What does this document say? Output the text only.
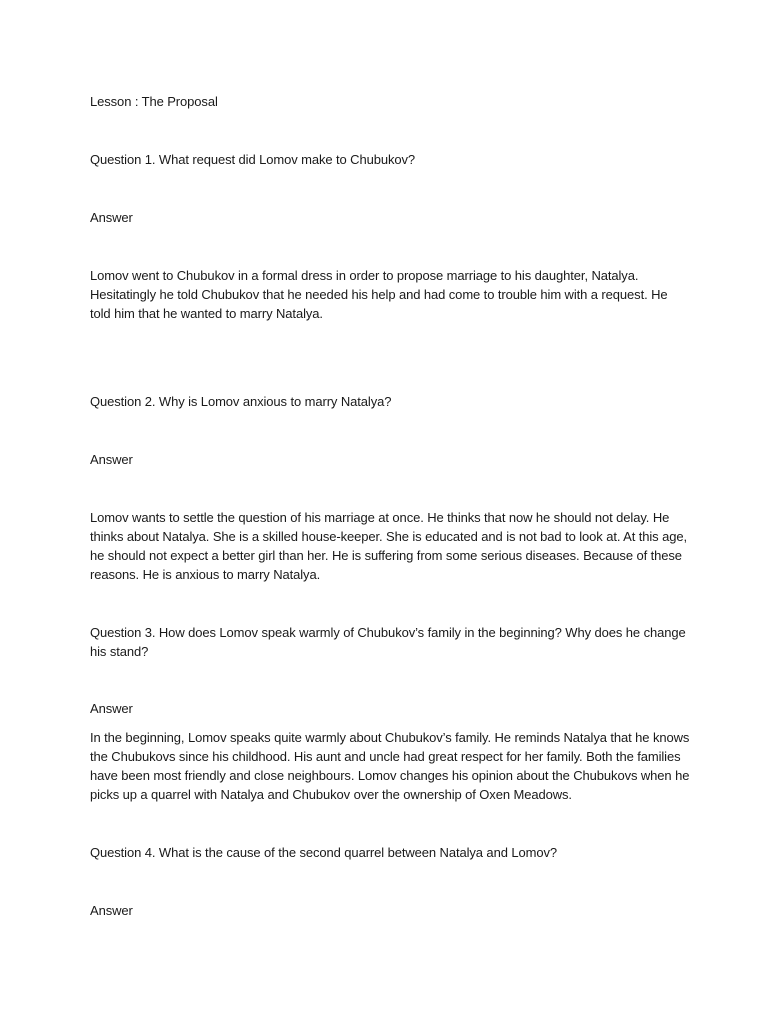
Lesson : The Proposal

Question 1. What request did Lomov make to Chubukov?

Answer

Lomov went to Chubukov in a formal dress in order to propose marriage to his daughter, Natalya. Hesitatingly he told Chubukov that he needed his help and had come to trouble him with a request. He told him that he wanted to marry Natalya.

Question 2. Why is Lomov anxious to marry Natalya?

Answer

Lomov wants to settle the question of his marriage at once. He thinks that now he should not delay. He thinks about Natalya. She is a skilled house-keeper. She is educated and is not bad to look at. At this age, he should not expect a better girl than her. He is suffering from some serious diseases. Because of these reasons. He is anxious to marry Natalya.

Question 3. How does Lomov speak warmly of Chubukov’s family in the beginning? Why does he change his stand?

Answer

In the beginning, Lomov speaks quite warmly about Chubukov’s family. He reminds Natalya that he knows the Chubukovs since his childhood. His aunt and uncle had great respect for her family. Both the families have been most friendly and close neighbours. Lomov changes his opinion about the Chubukovs when he picks up a quarrel with Natalya and Chubukov over the ownership of Oxen Meadows.

Question 4. What is the cause of the second quarrel between Natalya and Lomov?

Answer
